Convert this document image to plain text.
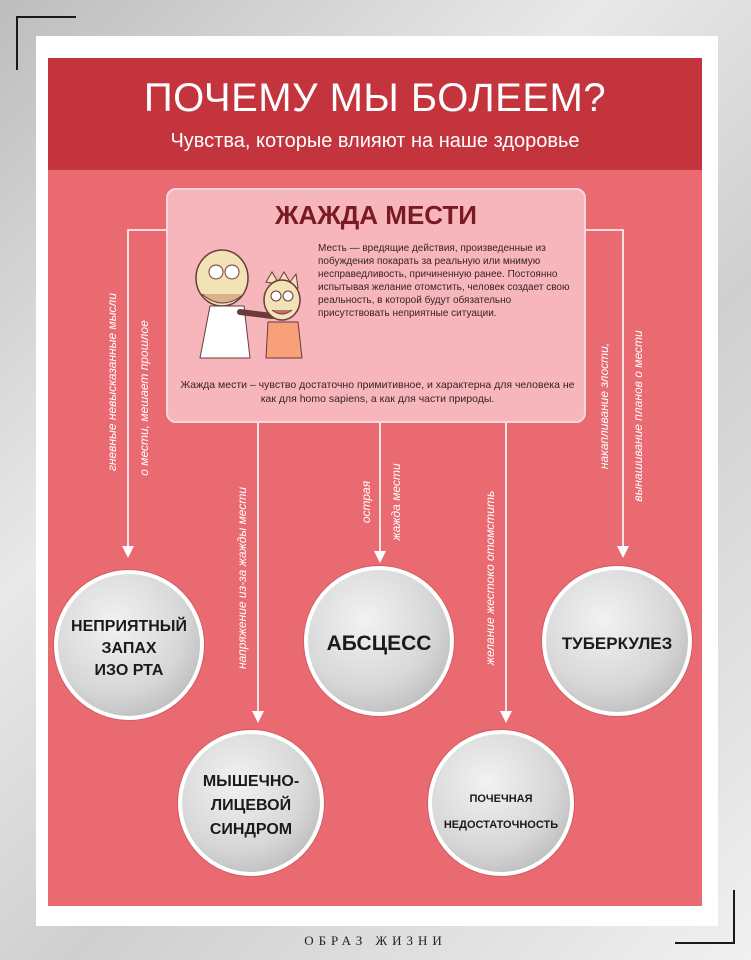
ПОЧЕМУ МЫ БОЛЕЕМ?
Чувства, которые влияют на наше здоровье
ЖАЖДА МЕСТИ
Месть — вредящие действия, произведенные из побуждения покарать за реальную или мнимую несправедливость, причиненную ранее. Постоянно испытывая желание отомстить, человек создает свою реальность, в которой будут обязательно присутствовать неприятные ситуации.
Жажда мести – чувство достаточно примитивное, и характерна для человека не как для homo sapiens, а как для части природы.
гневные невысказанные мысли о мести, мешает прошлое
напряжение из-за жажды мести	острая жажда мести	желание жестоко отомстить
накапливание злости, вынашивание планов о мести
НЕПРИЯТНЫЙ
ЗАПАХ
ИЗО РТА
АБСЦЕСС	ТУБЕРКУЛЕЗ
МЫШЕЧНО-
ЛИЦЕВОЙ
СИНДРОМ
ПОЧЕЧНАЯ
НЕДОСТАТОЧНОСТЬ
ОБРАЗ ЖИЗНИ
